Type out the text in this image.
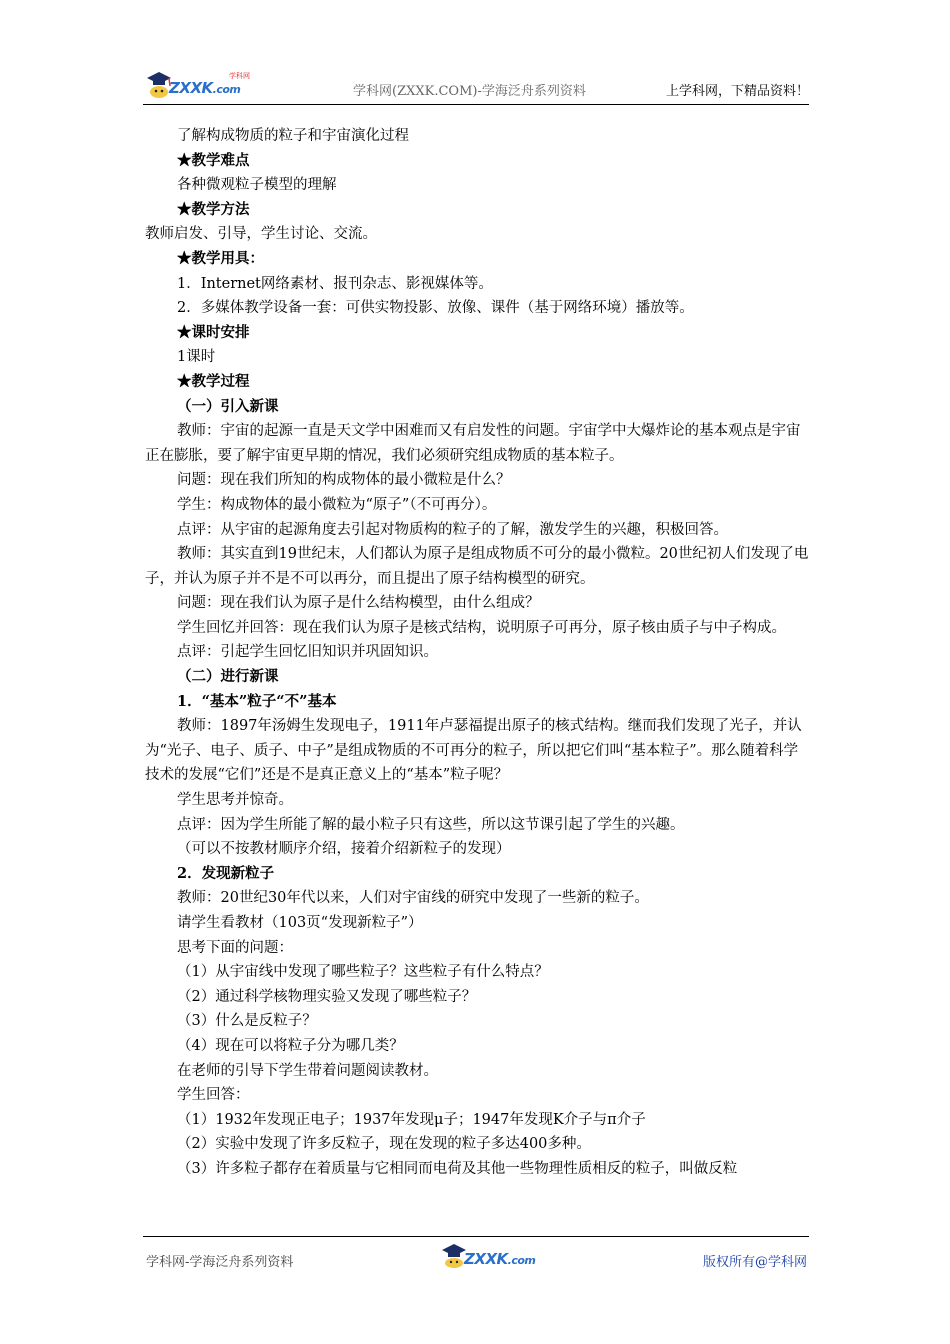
ZXXK.com
学科网
学科网(ZXXK.COM)-学海泛舟系列资料	上学科网，下精品资料！

了解构成物质的粒子和宇宙演化过程

★教学难点

各种微观粒子模型的理解

★教学方法

教师启发、引导，学生讨论、交流。

★教学用具：

1．Internet网络素材、报刊杂志、影视媒体等。

2．多媒体教学设备一套：可供实物投影、放像、课件（基于网络环境）播放等。

★课时安排

1课时

★教学过程

（一）引入新课

教师：宇宙的起源一直是天文学中困难而又有启发性的问题。宇宙学中大爆炸论的基本观点是宇宙正在膨胀，要了解宇宙更早期的情况，我们必须研究组成物质的基本粒子。

问题：现在我们所知的构成物体的最小微粒是什么？

学生：构成物体的最小微粒为“原子”（不可再分）。

点评：从宇宙的起源角度去引起对物质构的粒子的了解，激发学生的兴趣，积极回答。

教师：其实直到19世纪末，人们都认为原子是组成物质不可分的最小微粒。20世纪初人们发现了电子，并认为原子并不是不可以再分，而且提出了原子结构模型的研究。

问题：现在我们认为原子是什么结构模型，由什么组成？

学生回忆并回答：现在我们认为原子是核式结构，说明原子可再分，原子核由质子与中子构成。

点评：引起学生回忆旧知识并巩固知识。

（二）进行新课

1．“基本”粒子“不”基本

教师：1897年汤姆生发现电子，1911年卢瑟福提出原子的核式结构。继而我们发现了光子，并认为“光子、电子、质子、中子”是组成物质的不可再分的粒子，所以把它们叫“基本粒子”。那么随着科学技术的发展“它们”还是不是真正意义上的“基本”粒子呢？

学生思考并惊奇。

点评：因为学生所能了解的最小粒子只有这些，所以这节课引起了学生的兴趣。

（可以不按教材顺序介绍，接着介绍新粒子的发现）

2．发现新粒子

教师：20世纪30年代以来，人们对宇宙线的研究中发现了一些新的粒子。

请学生看教材（103页“发现新粒子”）

思考下面的问题：

（1）从宇宙线中发现了哪些粒子？这些粒子有什么特点？

（2）通过科学核物理实验又发现了哪些粒子？

（3）什么是反粒子？

（4）现在可以将粒子分为哪几类？

在老师的引导下学生带着问题阅读教材。

学生回答：

（1）1932年发现正电子；1937年发现μ子；1947年发现K介子与π介子

（2）实验中发现了许多反粒子，现在发现的粒子多达400多种。

（3）许多粒子都存在着质量与它相同而电荷及其他一些物理性质相反的粒子，叫做反粒

学科网-学海泛舟系列资料	ZXXK.com	版权所有@学科网
